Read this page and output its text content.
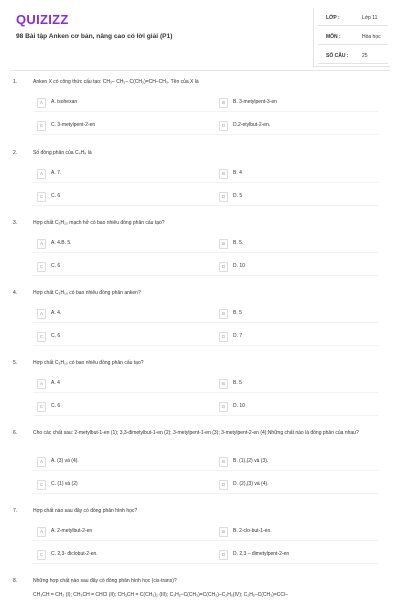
QUIZIZZ
98 Bài tập Anken cơ bản, nâng cao có lời giải (P1)
LỚP :	Lớp 11
MÔN :	Hóa học
SỐ CÂU :	25
1.	Anken X có công thức cấu tạo: CH₃– CH₂– C(CH₃)=CH–CH₃. Tên của X là
A	A. isohexan	B	B. 3-metylpent-3-en
C	C. 3-metylpent-2-en	D	D.2-etylbut-2-en.
2.	Số đồng phân của C₄H₈ là
A	A. 7.	B	B. 4
C	C. 6	D	D. 5
3.	Hợp chất C₅H₁₀ mạch hở có bao nhiêu đồng phân cấu tạo?
A	A. 4.B. 5.	B	B. 5.
C	C. 6	D	D. 10
4.	Hợp chất C₅H₁₀ có bao nhiêu đồng phân anken?
A	A. 4.	B	B. 5
C	C. 6	D	D. 7
5.	Hợp chất C₅H₁₀ có bao nhiêu đồng phân cấu tạo?
A	A. 4	B	B. 5
C	C. 6	D	D. 10
6.	Cho các chất sau: 2-metylbut-1-en (1); 3,3-đimetylbut-1-en (2); 3-metylpent-1-en (3); 3-metylpent-2-en (4);Những chất nào là đồng phân của nhau?
A	A. (3) và (4).	B	B. (1),(2) và (3).
C	C. (1) và (2)	D	D. (2),(3) và (4).
7.	Hợp chất nào sau đây có đồng phân hình học?
A	A. 2-metylbut-2-en	B	B. 2-clo-but-1-en.
C	C. 2,3- điclobut-2-en.	D	D. 2,3 – đimetylpent-2-en
8.	Những hợp chất nào sau đây có đồng phân hình học (cis-trans)?
CH₃CH = CH₂ (I); CH₃CH = CHCl (II); CH₃CH = C(CH₃)₂ (III); C₂H₅–C(CH₃)=C(CH₃)–C₂H₅(IV); C₂H₅–C(CH₃)=CCl–
